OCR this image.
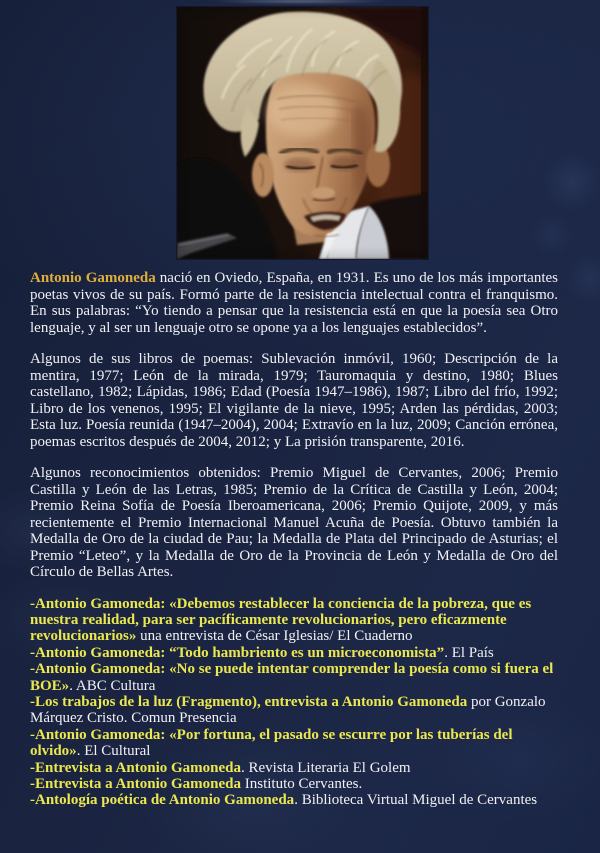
Antonio Gamoneda nació en Oviedo, España, en 1931. Es uno de los más importantes poetas vivos de su país. Formó parte de la resistencia intelectual contra el franquismo. En sus palabras: “Yo tiendo a pensar que la resistencia está en que la poesía sea Otro lenguaje, y al ser un lenguaje otro se opone ya a los lenguajes establecidos”.

Algunos de sus libros de poemas: Sublevación inmóvil, 1960; Descripción de la mentira, 1977; León de la mirada, 1979; Tauromaquia y destino, 1980; Blues castellano, 1982; Lápidas, 1986; Edad (Poesía 1947–1986), 1987; Libro del frío, 1992; Libro de los venenos, 1995; El vigilante de la nieve, 1995; Arden las pérdidas, 2003; Esta luz. Poesía reunida (1947–2004), 2004; Extravío en la luz, 2009; Canción errónea, poemas escritos después de 2004, 2012; y La prisión transparente, 2016.

Algunos reconocimientos obtenidos: Premio Miguel de Cervantes, 2006; Premio Castilla y León de las Letras, 1985; Premio de la Crítica de Castilla y León, 2004; Premio Reina Sofía de Poesía Iberoamericana, 2006; Premio Quijote, 2009, y más recientemente el Premio Internacional Manuel Acuña de Poesía. Obtuvo también la Medalla de Oro de la ciudad de Pau; la Medalla de Plata del Principado de Asturias; el Premio “Leteo”, y la Medalla de Oro de la Provincia de León y Medalla de Oro del Círculo de Bellas Artes.

-Antonio Gamoneda: «Debemos restablecer la conciencia de la pobreza, que es nuestra realidad, para ser pacíficamente revolucionarios, pero eficazmente revolucionarios» una entrevista de César Iglesias/ El Cuaderno

-Antonio Gamoneda: “Todo hambriento es un microeconomista”. El País

-Antonio Gamoneda: «No se puede intentar comprender la poesía como si fuera el BOE». ABC Cultura

-Los trabajos de la luz (Fragmento), entrevista a Antonio Gamoneda por Gonzalo Márquez Cristo. Comun Presencia

-Antonio Gamoneda: «Por fortuna, el pasado se escurre por las tuberías del olvido». El Cultural

-Entrevista a Antonio Gamoneda. Revista Literaria El Golem

-Entrevista a Antonio Gamoneda Instituto Cervantes.

-Antología poética de Antonio Gamoneda. Biblioteca Virtual Miguel de Cervantes
